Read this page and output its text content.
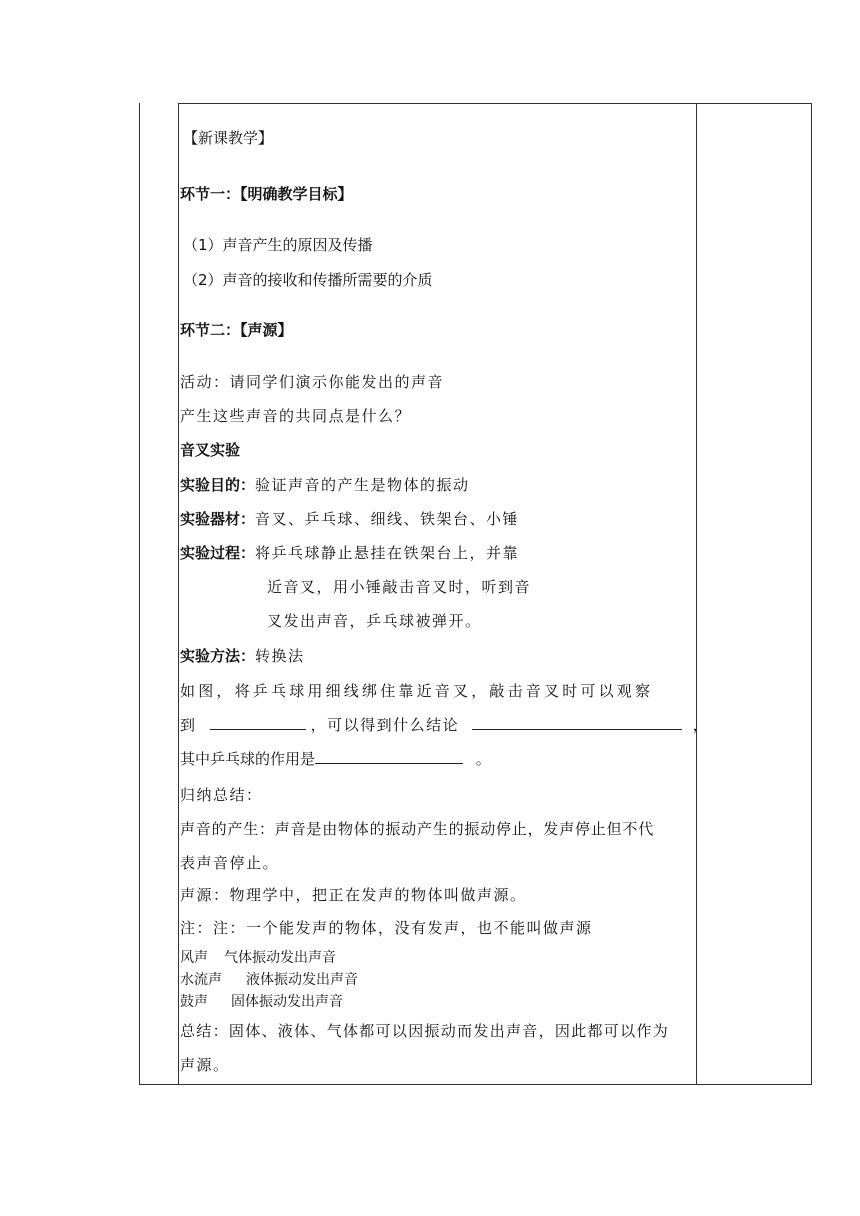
【新课教学】
环节一：【明确教学目标】
（1）声音产生的原因及传播
（2）声音的接收和传播所需要的介质
环节二：【声源】
活动：请同学们演示你能发出的声音
产生这些声音的共同点是什么？
音叉实验
实验目的：验证声音的产生是物体的振动
实验器材：音叉、乒乓球、细线、铁架台、小锤
实验过程：将乒乓球静止悬挂在铁架台上，并靠
近音叉，用小锤敲击音叉时，听到音
叉发出声音，乒乓球被弹开。
实验方法：转换法
如图，将乒乓球用细线绑住靠近音叉，敲击音叉时可以观察
到	，可以得到什么结论	，
其中乒乓球的作用是	。
归纳总结：
声音的产生：声音是由物体的振动产生的振动停止，发声停止但不代
表声音停止。
声源：物理学中，把正在发声的物体叫做声源。
注：注：一个能发声的物体，没有发声，也不能叫做声源
风声 气体振动发出声音
水流声 液体振动发出声音
鼓声 固体振动发出声音
总结：固体、液体、气体都可以因振动而发出声音，因此都可以作为
声源。
